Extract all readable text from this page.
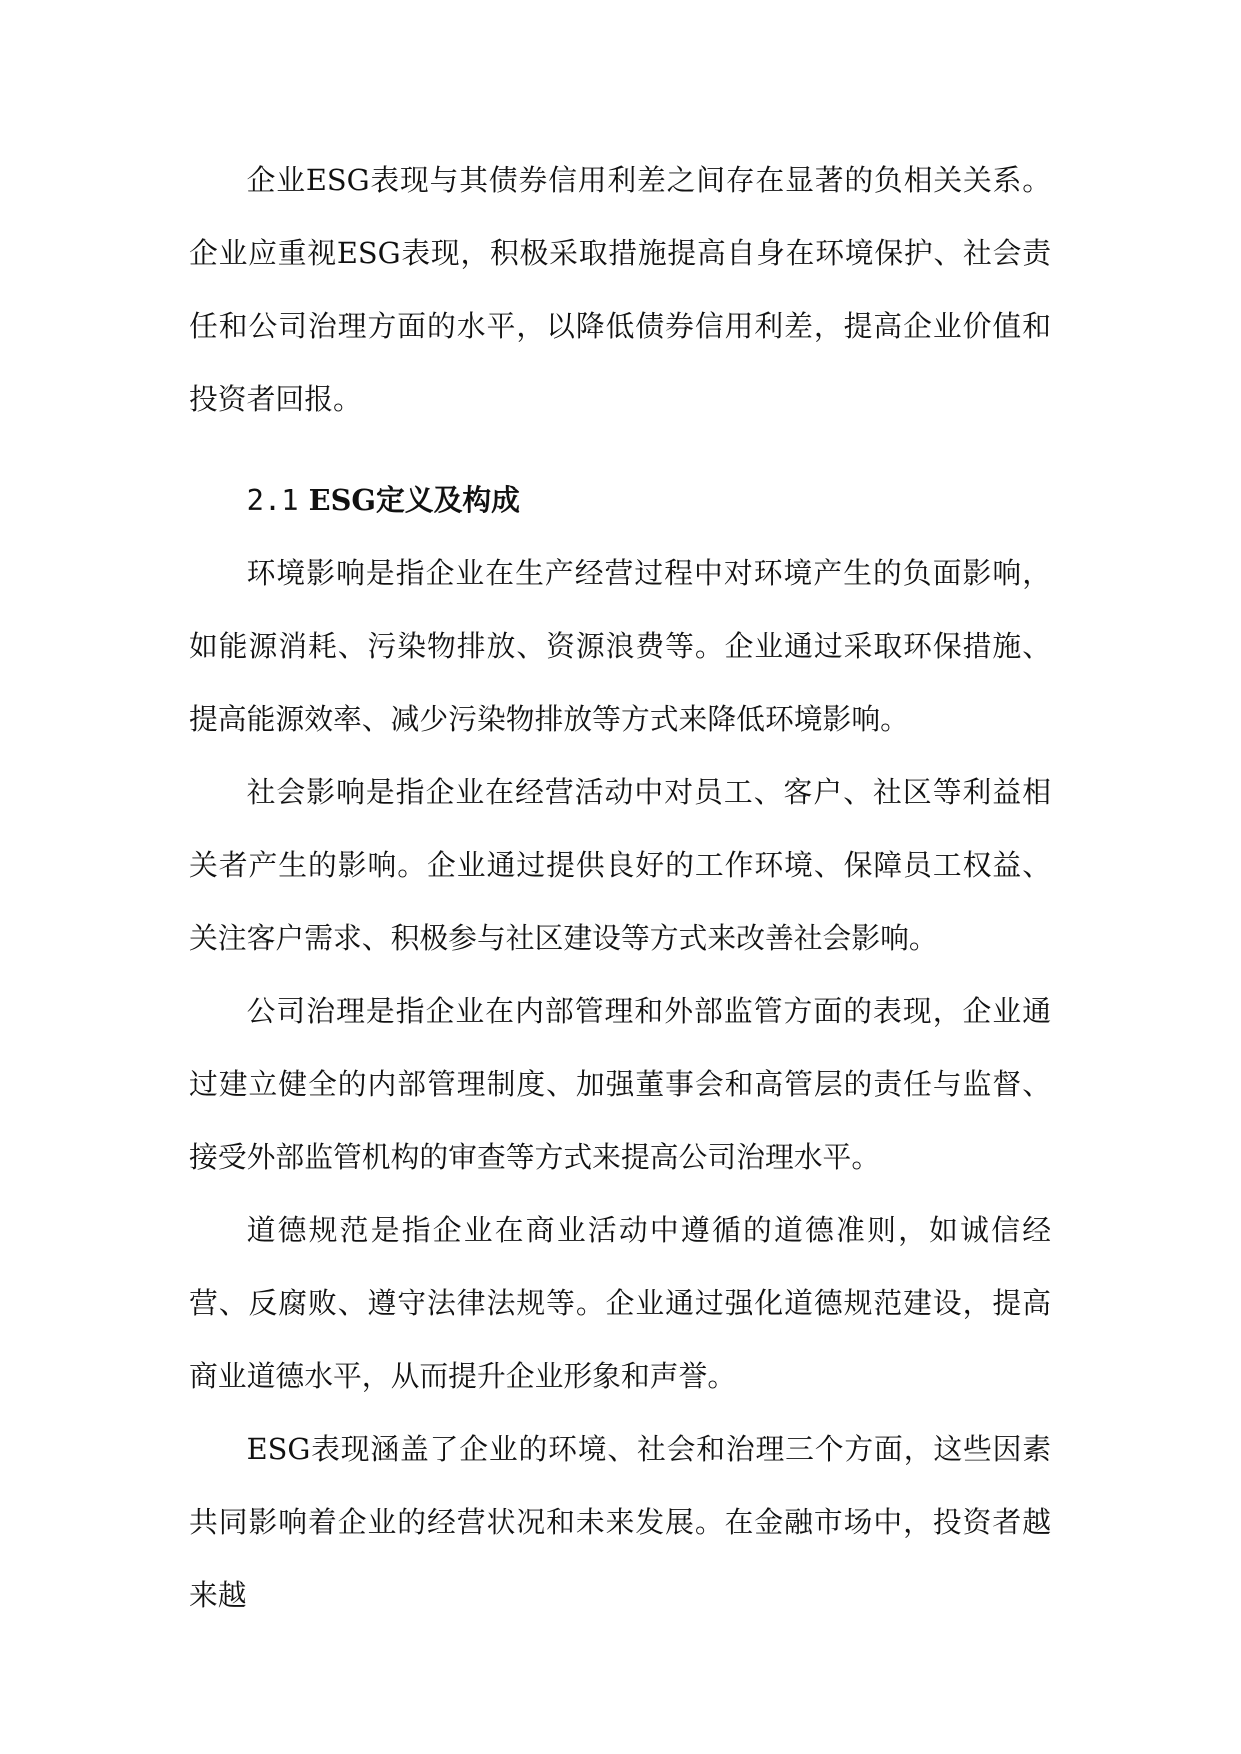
企业ESG表现与其债券信用利差之间存在显著的负相关关系。企业应重视ESG表现，积极采取措施提高自身在环境保护、社会责任和公司治理方面的水平，以降低债券信用利差，提高企业价值和投资者回报。

2.1 ESG定义及构成

环境影响是指企业在生产经营过程中对环境产生的负面影响，如能源消耗、污染物排放、资源浪费等。企业通过采取环保措施、提高能源效率、减少污染物排放等方式来降低环境影响。

社会影响是指企业在经营活动中对员工、客户、社区等利益相关者产生的影响。企业通过提供良好的工作环境、保障员工权益、关注客户需求、积极参与社区建设等方式来改善社会影响。

公司治理是指企业在内部管理和外部监管方面的表现，企业通过建立健全的内部管理制度、加强董事会和高管层的责任与监督、接受外部监管机构的审查等方式来提高公司治理水平。

道德规范是指企业在商业活动中遵循的道德准则，如诚信经营、反腐败、遵守法律法规等。企业通过强化道德规范建设，提高商业道德水平，从而提升企业形象和声誉。

ESG表现涵盖了企业的环境、社会和治理三个方面，这些因素共同影响着企业的经营状况和未来发展。在金融市场中，投资者越来越
